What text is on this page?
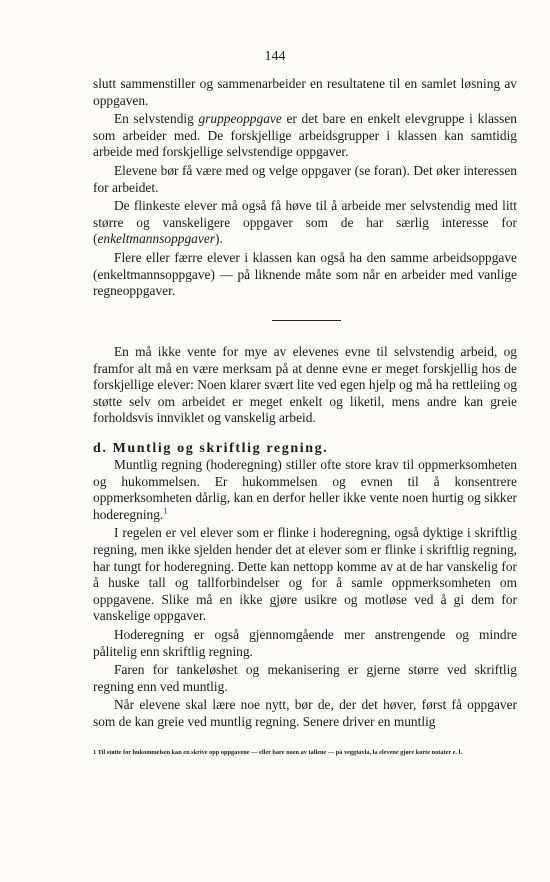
144

slutt sammenstiller og sammenarbeider en resultatene til en samlet løsning av oppgaven.

En selvstendig gruppeoppgave er det bare en enkelt elevgruppe i klassen som arbeider med. De forskjellige arbeidsgrupper i klassen kan samtidig arbeide med forskjellige selvstendige oppgaver.

Elevene bør få være med og velge oppgaver (se foran). Det øker interessen for arbeidet.

De flinkeste elever må også få høve til å arbeide mer selvstendig med litt større og vanskeligere oppgaver som de har særlig interesse for (enkeltmannsoppgaver).

Flere eller færre elever i klassen kan også ha den samme arbeidsoppgave (enkeltmannsoppgave) — på liknende måte som når en arbeider med vanlige regneoppgaver.

En må ikke vente for mye av elevenes evne til selvstendig arbeid, og framfor alt må en være merksam på at denne evne er meget forskjellig hos de forskjellige elever: Noen klarer svært lite ved egen hjelp og må ha rettleiing og støtte selv om arbeidet er meget enkelt og liketil, mens andre kan greie forholdsvis innviklet og vanskelig arbeid.

d. Muntlig og skriftlig regning.

Muntlig regning (hoderegning) stiller ofte store krav til oppmerksomheten og hukommelsen. Er hukommelsen og evnen til å konsentrere oppmerksomheten dårlig, kan en derfor heller ikke vente noen hurtig og sikker hoderegning.$^1$

I regelen er vel elever som er flinke i hoderegning, også dyktige i skriftlig regning, men ikke sjelden hender det at elever som er flinke i skriftlig regning, har tungt for hoderegning. Dette kan nettopp komme av at de har vanskelig for å huske tall og tallforbindelser og for å samle oppmerksomheten om oppgavene. Slike må en ikke gjøre usikre og motløse ved å gi dem for vanskelige oppgaver.

Hoderegning er også gjennomgående mer anstrengende og mindre pålitelig enn skriftlig regning.

Faren for tankeløshet og mekanisering er gjerne større ved skriftlig regning enn ved muntlig.

Når elevene skal lære noe nytt, bør de, der det høver, først få oppgaver som de kan greie ved muntlig regning. Senere driver en muntlig

1 Til støtte for hukommelsen kan en skrive opp oppgavene — eller bare noen av tallene — på veggtavla, la elevene gjøre korte notater e. l.
